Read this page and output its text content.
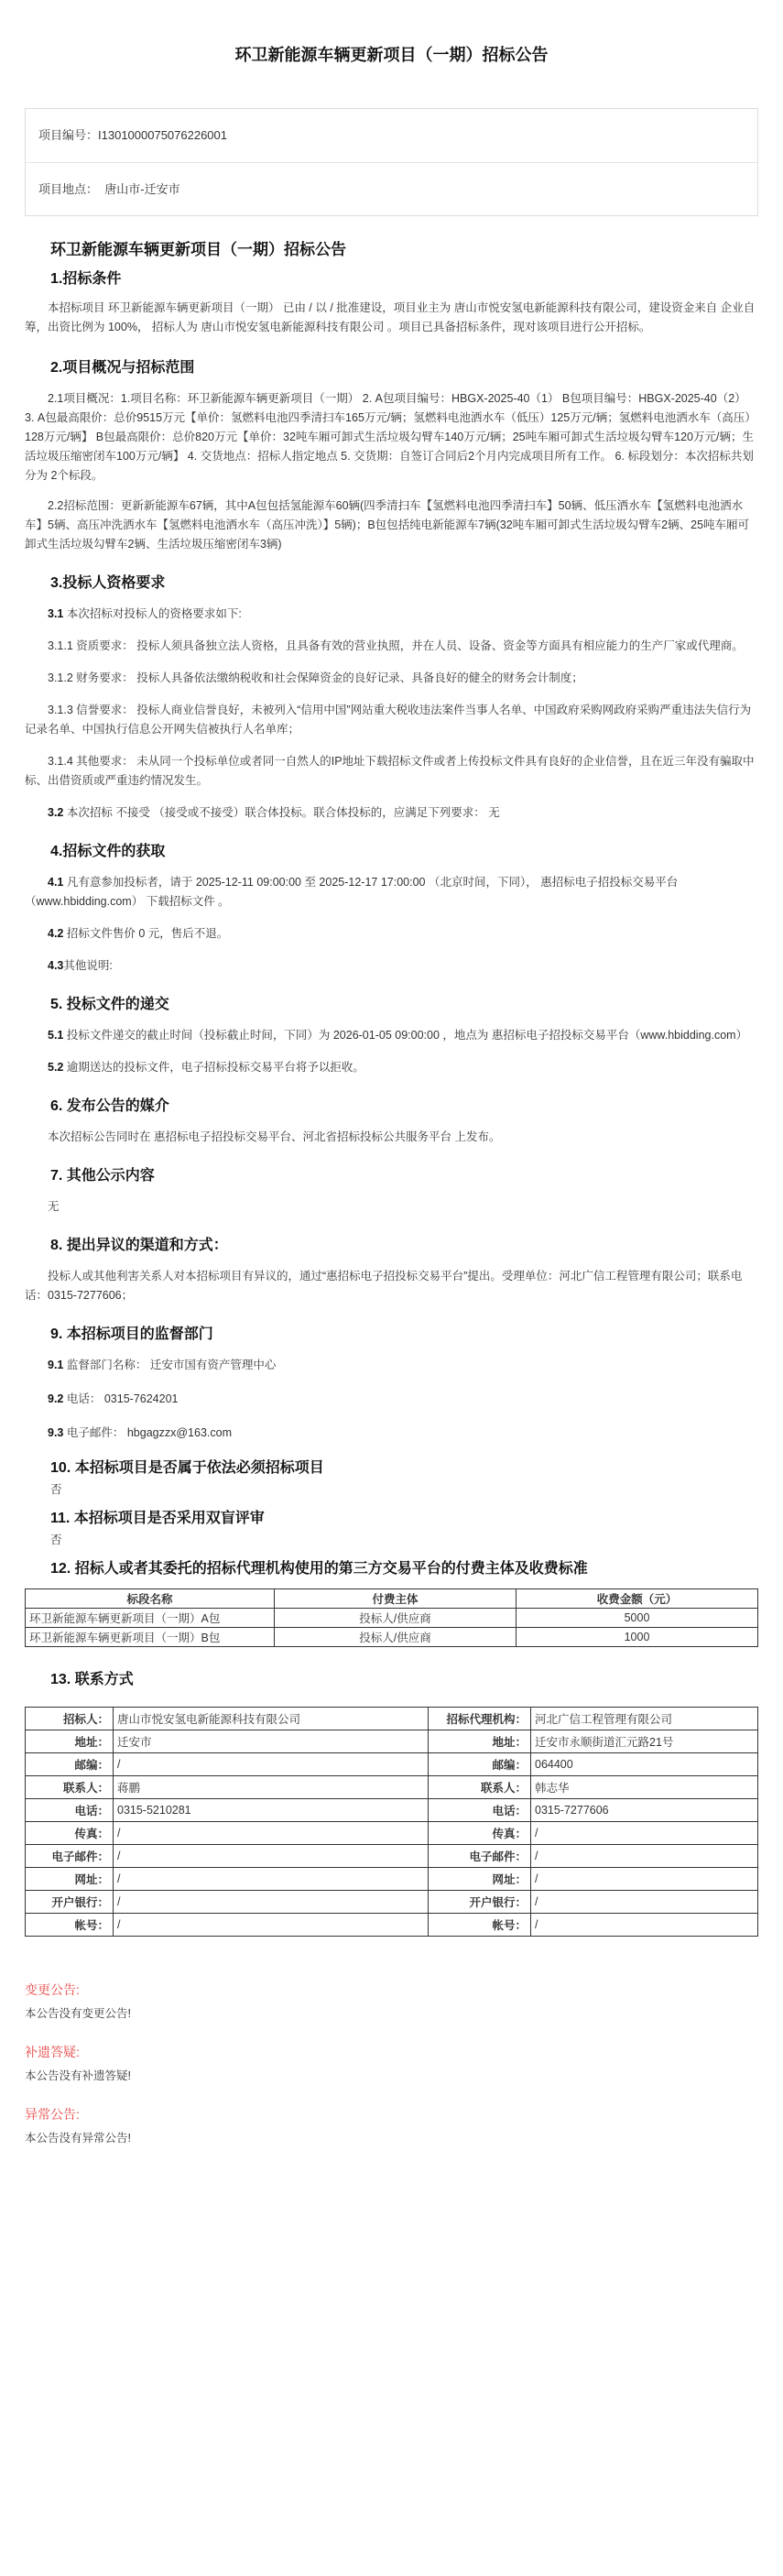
环卫新能源车辆更新项目（一期）招标公告
项目编号：I1301000075076226001
项目地点： 唐山市-迁安市
环卫新能源车辆更新项目（一期）招标公告
1.招标条件

本招标项目 环卫新能源车辆更新项目（一期） 已由 / 以 / 批准建设，项目业主为 唐山市悦安氢电新能源科技有限公司，建设资金来自 企业自筹，出资比例为 100%， 招标人为 唐山市悦安氢电新能源科技有限公司 。项目已具备招标条件，现对该项目进行公开招标。

2.项目概况与招标范围

2.1项目概况：1.项目名称：环卫新能源车辆更新项目（一期） 2. A包项目编号：HBGX-2025-40（1） B包项目编号：HBGX-2025-40（2） 3. A包最高限价：总价9515万元【单价：氢燃料电池四季清扫车165万元/辆；氢燃料电池洒水车（低压）125万元/辆；氢燃料电池洒水车（高压）128万元/辆】 B包最高限价：总价820万元【单价：32吨车厢可卸式生活垃圾勾臂车140万元/辆；25吨车厢可卸式生活垃圾勾臂车120万元/辆；生活垃圾压缩密闭车100万元/辆】 4. 交货地点：招标人指定地点 5. 交货期：自签订合同后2个月内完成项目所有工作。 6. 标段划分：本次招标共划分为 2个标段。

2.2招标范围：更新新能源车67辆，其中A包包括氢能源车60辆(四季清扫车【氢燃料电池四季清扫车】50辆、低压洒水车【氢燃料电池洒水车】5辆、高压冲洗洒水车【氢燃料电池洒水车（高压冲洗）】5辆)；B包包括纯电新能源车7辆(32吨车厢可卸式生活垃圾勾臂车2辆、25吨车厢可卸式生活垃圾勾臂车2辆、生活垃圾压缩密闭车3辆)

3.投标人资格要求

3.1 本次招标对投标人的资格要求如下:

3.1.1 资质要求： 投标人须具备独立法人资格，且具备有效的营业执照，并在人员、设备、资金等方面具有相应能力的生产厂家或代理商。

3.1.2 财务要求： 投标人具备依法缴纳税收和社会保障资金的良好记录、具备良好的健全的财务会计制度；

3.1.3 信誉要求： 投标人商业信誉良好，未被列入“信用中国”网站重大税收违法案件当事人名单、中国政府采购网政府采购严重违法失信行为记录名单、中国执行信息公开网失信被执行人名单库；

3.1.4 其他要求： 未从同一个投标单位或者同一自然人的IP地址下载招标文件或者上传投标文件具有良好的企业信誉，且在近三年没有骗取中标、出借资质或严重违约情况发生。

3.2 本次招标 不接受 （接受或不接受）联合体投标。联合体投标的，应满足下列要求： 无

4.招标文件的获取

4.1 凡有意参加投标者，请于 2025-12-11 09:00:00 至 2025-12-17 17:00:00 （北京时间，下同）， 惠招标电子招投标交易平台 （www.hbidding.com） 下载招标文件 。

4.2 招标文件售价 0 元，售后不退。

4.3其他说明:

5. 投标文件的递交

5.1 投标文件递交的截止时间（投标截止时间，下同）为 2026-01-05 09:00:00 ，地点为 惠招标电子招投标交易平台（www.hbidding.com）

5.2 逾期送达的投标文件，电子招标投标交易平台将予以拒收。

6. 发布公告的媒介

本次招标公告同时在 惠招标电子招投标交易平台、河北省招标投标公共服务平台 上发布。

7. 其他公示内容

无

8. 提出异议的渠道和方式：

投标人或其他利害关系人对本招标项目有异议的，通过“惠招标电子招投标交易平台”提出。受理单位：河北广信工程管理有限公司；联系电话：0315-7277606；

9. 本招标项目的监督部门

9.1 监督部门名称： 迁安市国有资产管理中心

9.2 电话： 0315-7624201

9.3 电子邮件： hbgagzzx@163.com

10. 本招标项目是否属于依法必须招标项目

否

11. 本招标项目是否采用双盲评审

否

12. 招标人或者其委托的招标代理机构使用的第三方交易平台的付费主体及收费标准
标段名称	付费主体	收费金额（元）
环卫新能源车辆更新项目（一期）A包	投标人/供应商	5000
环卫新能源车辆更新项目（一期）B包	投标人/供应商	1000
13. 联系方式
招标人：	唐山市悦安氢电新能源科技有限公司	招标代理机构：	河北广信工程管理有限公司
地址：	迁安市	地址：	迁安市永顺街道汇元路21号
邮编：	/	邮编：	064400
联系人：	蒋鹏	联系人：	韩志华
电话：	0315-5210281	电话：	0315-7277606
传真：	/	传真：	/
电子邮件：	/	电子邮件：	/
网址：	/	网址：	/
开户银行：	/	开户银行：	/
帐号：	/	帐号：	/

变更公告:

本公告没有变更公告!

补遗答疑:

本公告没有补遗答疑!

异常公告:

本公告没有异常公告!
